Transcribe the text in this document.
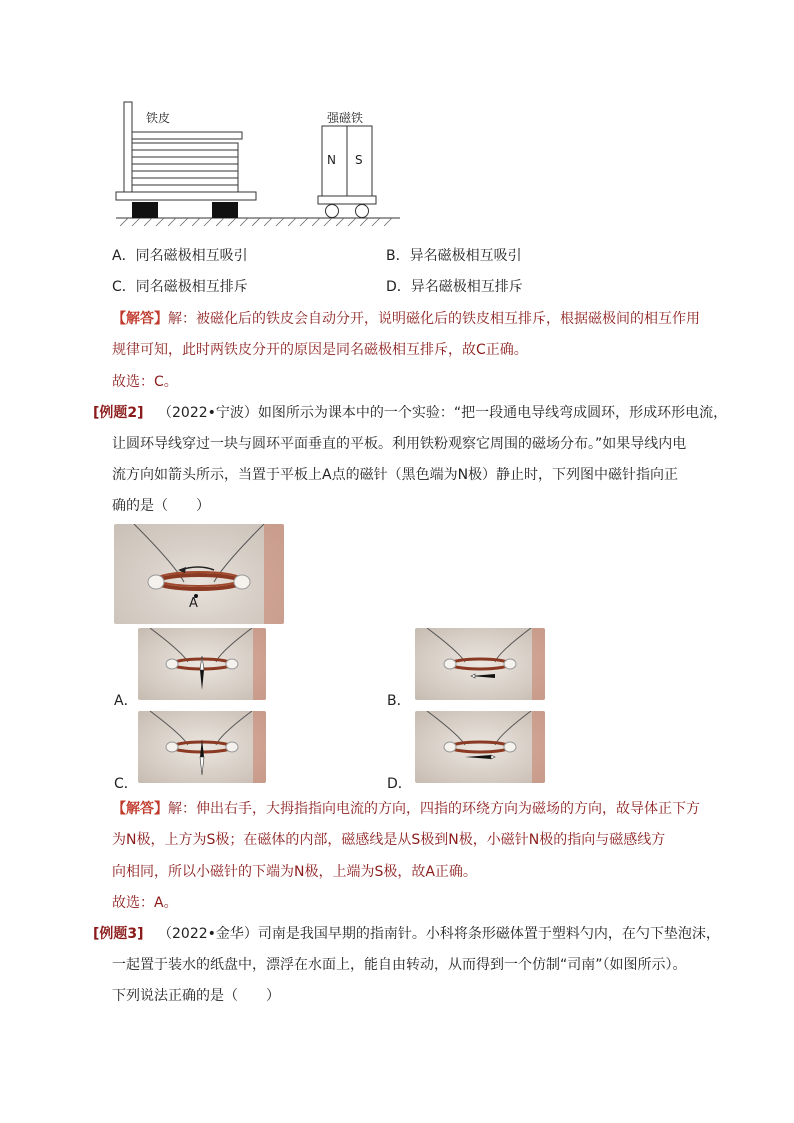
铁皮	强磁铁
N S
A．同名磁极相互吸引	B．异名磁极相互吸引
C．同名磁极相互排斥	D．异名磁极相互排斥
【解答】解：被磁化后的铁皮会自动分开，说明磁化后的铁皮相互排斥，根据磁极间的相互作用
规律可知，此时两铁皮分开的原因是同名磁极相互排斥，故C正确。
故选：C。
[例题2] （2022•宁波）如图所示为课本中的一个实验：“把一段通电导线弯成圆环，形成环形电流，
让圆环导线穿过一块与圆环平面垂直的平板。利用铁粉观察它周围的磁场分布。”如果导线内电
流方向如箭头所示，当置于平板上A点的磁针（黑色端为N极）静止时，下列图中磁针指向正
确的是（　　）
A
A．	B．
C．	D．
【解答】解：伸出右手，大拇指指向电流的方向，四指的环绕方向为磁场的方向，故导体正下方
为N极，上方为S极；在磁体的内部，磁感线是从S极到N极，小磁针N极的指向与磁感线方
向相同，所以小磁针的下端为N极，上端为S极，故A正确。
故选：A。
[例题3] （2022•金华）司南是我国早期的指南针。小科将条形磁体置于塑料勺内，在勺下垫泡沫，
一起置于装水的纸盘中，漂浮在水面上，能自由转动，从而得到一个仿制“司南”（如图所示）。
下列说法正确的是（　　）
